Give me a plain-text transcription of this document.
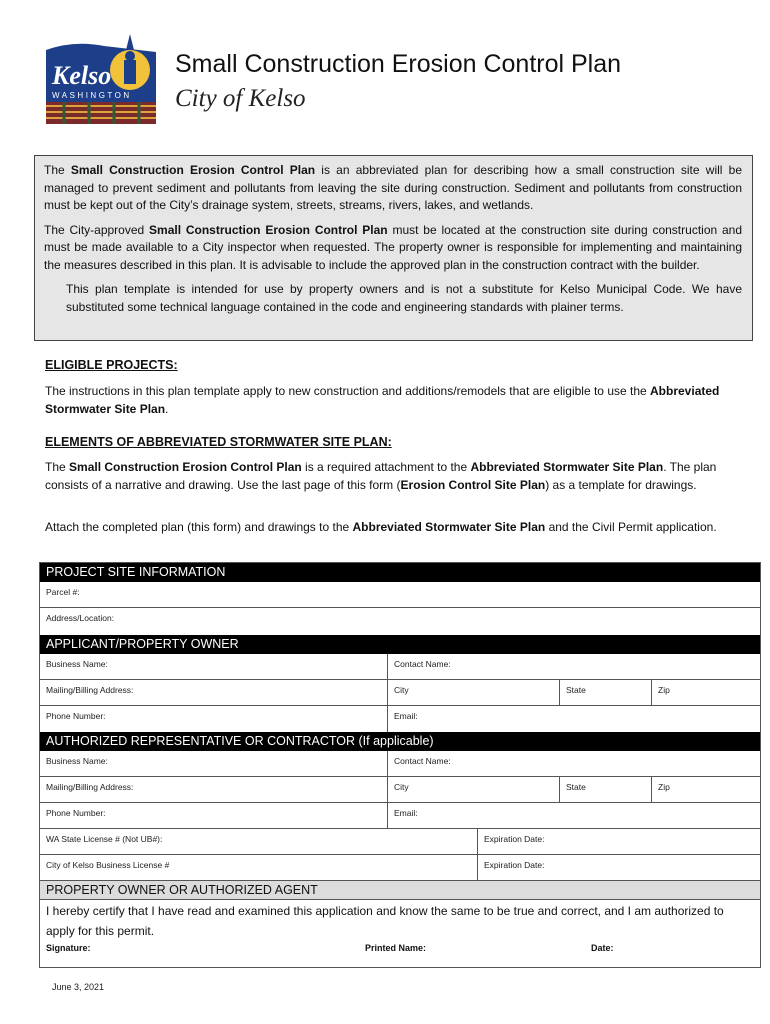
Kelso
WASHINGTON
Small Construction Erosion Control Plan
City of Kelso

The Small Construction Erosion Control Plan is an abbreviated plan for describing how a small construction site will be managed to prevent sediment and pollutants from leaving the site during construction. Sediment and pollutants from construction must be kept out of the City’s drainage system, streets, streams, rivers, lakes, and wetlands.

The City-approved Small Construction Erosion Control Plan must be located at the construction site during construction and must be made available to a City inspector when requested. The property owner is responsible for implementing and maintaining the measures described in this plan. It is advisable to include the approved plan in the construction contract with the builder.

This plan template is intended for use by property owners and is not a substitute for Kelso Municipal Code. We have substituted some technical language contained in the code and engineering standards with plainer terms.

ELIGIBLE PROJECTS:
The instructions in this plan template apply to new construction and additions/remodels that are eligible to use the Abbreviated Stormwater Site Plan.
ELEMENTS OF ABBREVIATED STORMWATER SITE PLAN:
The Small Construction Erosion Control Plan is a required attachment to the Abbreviated Stormwater Site Plan. The plan consists of a narrative and drawing. Use the last page of this form (Erosion Control Site Plan) as a template for drawings.
Attach the completed plan (this form) and drawings to the Abbreviated Stormwater Site Plan and the Civil Permit application.
PROJECT SITE INFORMATION
Parcel #:
Address/Location:
APPLICANT/PROPERTY OWNER
Business Name:	Contact Name:
Mailing/Billing Address:	City	State	Zip
Phone Number:	Email:
AUTHORIZED REPRESENTATIVE OR CONTRACTOR (If applicable)
Business Name:	Contact Name:
Mailing/Billing Address:	City	State	Zip
Phone Number:	Email:
WA State License # (Not UB#):	Expiration Date:
City of Kelso Business License #	Expiration Date:
PROPERTY OWNER OR AUTHORIZED AGENT
I hereby certify that I have read and examined this application and know the same to be true and correct, and I am authorized to apply for this permit.
Signature:	Printed Name:	Date:
June 3, 2021
